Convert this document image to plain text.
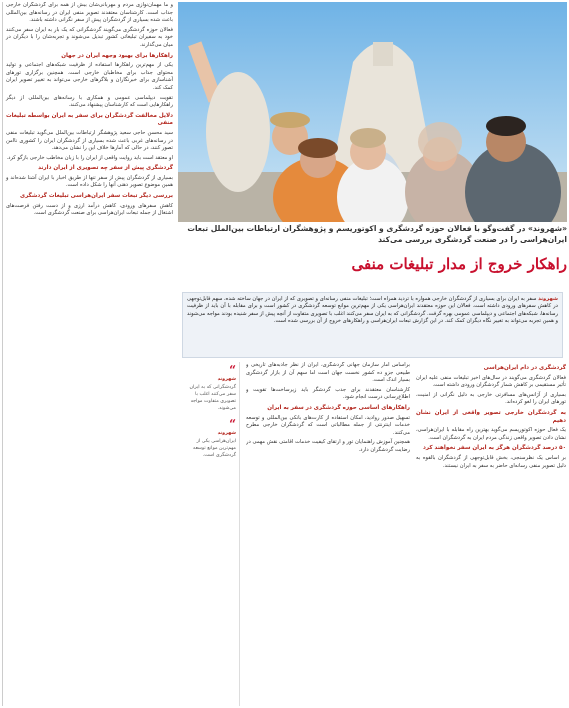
و ما مهمان‌نوازی مردم و مهربانی‌شان بیش از همه برای گردشگران خارجی جذاب است. کارشناسان معتقدند تصویر منفی ایران در رسانه‌های بین‌المللی باعث شده بسیاری از گردشگران پیش از سفر نگرانی داشته باشند.

فعالان حوزه گردشگری می‌گویند گردشگرانی که یک بار به ایران سفر می‌کنند خود به سفیران تبلیغاتی کشور تبدیل می‌شوند و تجربه‌شان را با دیگران در میان می‌گذارند.

راهکارها برای بهبود وجهه ایران در جهان

یکی از مهم‌ترین راهکارها استفاده از ظرفیت شبکه‌های اجتماعی و تولید محتوای جذاب برای مخاطبان خارجی است. همچنین برگزاری تورهای آشناسازی برای خبرنگاران و بلاگرهای خارجی می‌تواند به تغییر تصویر ایران کمک کند.

تقویت دیپلماسی عمومی و همکاری با رسانه‌های بین‌المللی از دیگر راهکارهایی است که کارشناسان پیشنهاد می‌کنند.

دلایل مخالفت گردشگران برای سفر به ایران بواسطه تبلیغات منفی

سید محسن حاجی سعید پژوهشگر ارتباطات بین‌الملل می‌گوید تبلیغات منفی در رسانه‌های غربی باعث شده بسیاری از گردشگران ایران را کشوری ناامن تصور کنند، در حالی که آمارها خلاف این را نشان می‌دهد.

او معتقد است باید روایت واقعی از ایران را با زبان مخاطب خارجی بازگو کرد.

گردشگری پیش از سفر چه تصویری از ایران دارند

بسیاری از گردشگران پیش از سفر تنها از طریق اخبار با ایران آشنا شده‌اند و همین موضوع تصویر ذهنی آنها را شکل داده است.

بررسی دیگر تبعات سفر ایران‌هراسی تبلیغات گردشگری

کاهش سفرهای ورودی، کاهش درآمد ارزی و از دست رفتن فرصت‌های اشتغال از جمله تبعات ایران‌هراسی برای صنعت گردشگری است.

«شهروند» در گفت‌وگو با فعالان حوزه گردشگری و اکوتوریسم و پژوهشگران ارتباطات بین‌الملل تبعات ایران‌هراسی را در صنعت گردشگری بررسی می‌کند
راهکار خروج از مدار تبلیغات منفی
شهروند سفر به ایران برای بسیاری از گردشگران خارجی همواره با تردید همراه است؛ تبلیغات منفی رسانه‌ای و تصویری که از ایران در جهان ساخته شده، سهم قابل‌توجهی در کاهش سفرهای ورودی داشته است. فعالان این حوزه معتقدند ایران‌هراسی یکی از مهم‌ترین موانع توسعه گردشگری در کشور است و برای مقابله با آن باید از ظرفیت رسانه‌ها، شبکه‌های اجتماعی و دیپلماسی عمومی بهره گرفت. گردشگرانی که به ایران سفر می‌کنند اغلب با تصویری متفاوت از آنچه پیش از سفر شنیده بودند مواجه می‌شوند و همین تجربه می‌تواند به تغییر نگاه دیگران کمک کند. در این گزارش تبعات ایران‌هراسی و راهکارهای خروج از آن بررسی شده است.
“
شهروند
گردشگرانی که به ایران سفر می‌کنند اغلب با تصویری متفاوت مواجه می‌شوند.
“
شهروند
ایران‌هراسی یکی از مهم‌ترین موانع توسعه گردشگری است.

براساس آمار سازمان جهانی گردشگری، ایران از نظر جاذبه‌های تاریخی و طبیعی جزو ده کشور نخست جهان است اما سهم آن از بازار گردشگری بسیار اندک است.

کارشناسان معتقدند برای جذب گردشگر باید زیرساخت‌ها تقویت و اطلاع‌رسانی درست انجام شود.

راهکارهای اساسی حوزه گردشگری در سفر به ایران

تسهیل صدور روادید، امکان استفاده از کارت‌های بانکی بین‌المللی و توسعه خدمات اینترنتی از جمله مطالباتی است که گردشگران خارجی مطرح می‌کنند.

همچنین آموزش راهنمایان تور و ارتقای کیفیت خدمات اقامتی نقش مهمی در رضایت گردشگران دارد.

گردشگری در دام ایران‌هراسی

فعالان گردشگری می‌گویند در سال‌های اخیر تبلیغات منفی علیه ایران تأثیر مستقیمی بر کاهش شمار گردشگران ورودی داشته است.

بسیاری از آژانس‌های مسافرتی خارجی به دلیل نگرانی از امنیت، تورهای ایران را لغو کرده‌اند.

به گردشگران خارجی تصویر واقعی از ایران نشان دهیم

یک فعال حوزه اکوتوریسم می‌گوید بهترین راه مقابله با ایران‌هراسی، نشان دادن تصویر واقعی زندگی مردم ایران به گردشگران است.

۵۰ درصد گردشگران هرگز به ایران سفر نخواهند کرد

بر اساس یک نظرسنجی، بخش قابل‌توجهی از گردشگران بالقوه به دلیل تصویر منفی رسانه‌ای حاضر به سفر به ایران نیستند.
